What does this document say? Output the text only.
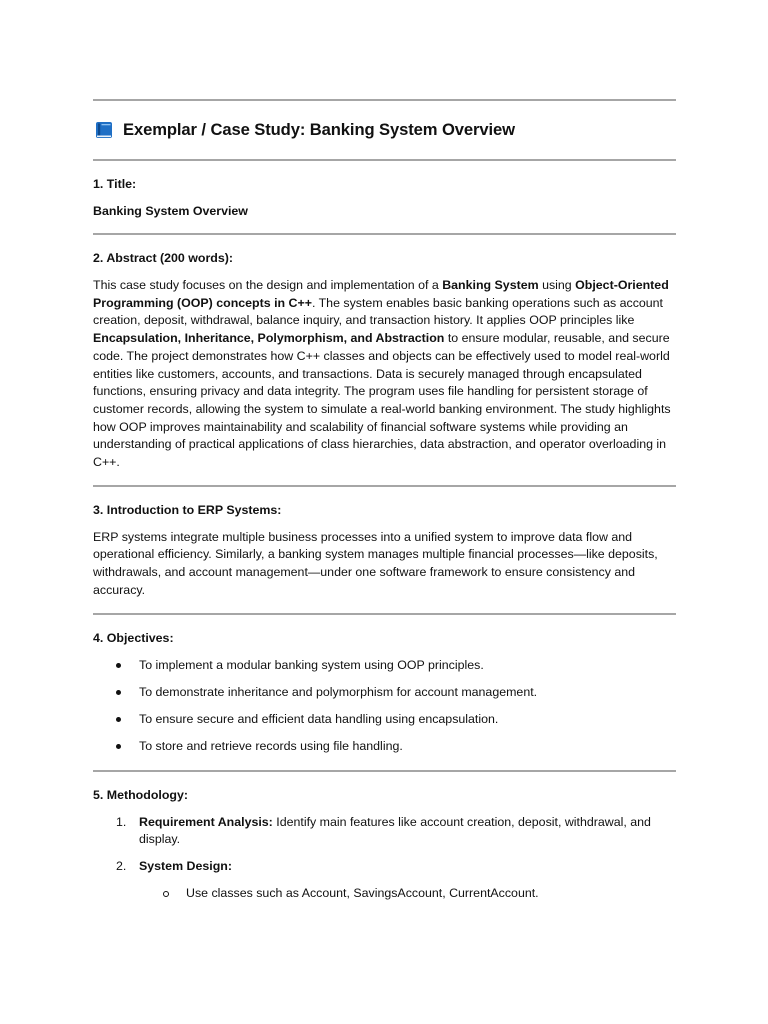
Exemplar / Case Study: Banking System Overview
1. Title:
Banking System Overview
2. Abstract (200 words):

This case study focuses on the design and implementation of a Banking System using Object-Oriented Programming (OOP) concepts in C++. The system enables basic banking operations such as account creation, deposit, withdrawal, balance inquiry, and transaction history. It applies OOP principles like Encapsulation, Inheritance, Polymorphism, and Abstraction to ensure modular, reusable, and secure code. The project demonstrates how C++ classes and objects can be effectively used to model real-world entities like customers, accounts, and transactions. Data is securely managed through encapsulated functions, ensuring privacy and data integrity. The program uses file handling for persistent storage of customer records, allowing the system to simulate a real-world banking environment. The study highlights how OOP improves maintainability and scalability of financial software systems while providing an understanding of practical applications of class hierarchies, data abstraction, and operator overloading in C++.

3. Introduction to ERP Systems:

ERP systems integrate multiple business processes into a unified system to improve data flow and operational efficiency. Similarly, a banking system manages multiple financial processes—like deposits, withdrawals, and account management—under one software framework to ensure consistency and accuracy.

4. Objectives:
To implement a modular banking system using OOP principles.
To demonstrate inheritance and polymorphism for account management.
To ensure secure and efficient data handling using encapsulation.
To store and retrieve records using file handling.
5. Methodology:
1. Requirement Analysis: Identify main features like account creation, deposit, withdrawal, and display.
2. System Design:
Use classes such as Account, SavingsAccount, CurrentAccount.
